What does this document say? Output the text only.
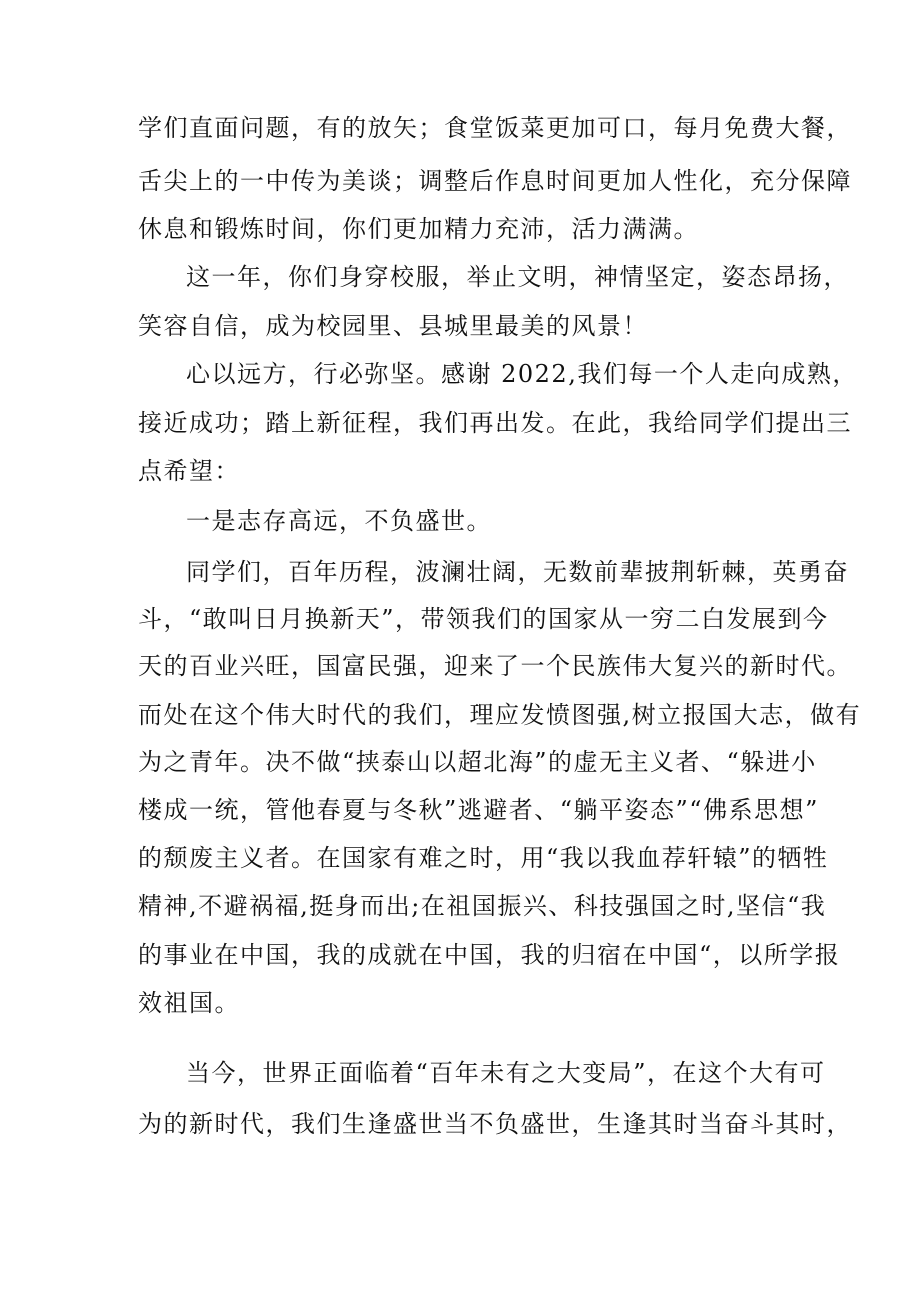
学们直面问题，有的放矢；食堂饭菜更加可口，每月免费大餐，
舌尖上的一中传为美谈；调整后作息时间更加人性化，充分保障
休息和锻炼时间，你们更加精力充沛，活力满满。
这一年，你们身穿校服，举止文明，神情坚定，姿态昂扬，
笑容自信，成为校园里、县城里最美的风景！
心以远方，行必弥坚。感谢 2022,我们每一个人走向成熟，
接近成功；踏上新征程，我们再出发。在此，我给同学们提出三
点希望：
一是志存高远，不负盛世。
同学们，百年历程，波澜壮阔，无数前辈披荆斩棘，英勇奋
斗，“敢叫日月换新天”，带领我们的国家从一穷二白发展到今
天的百业兴旺，国富民强，迎来了一个民族伟大复兴的新时代。
而处在这个伟大时代的我们，理应发愤图强,树立报国大志，做有
为之青年。决不做“挟泰山以超北海”的虚无主义者、“躲进小
楼成一统，管他春夏与冬秋”逃避者、“躺平姿态”“佛系思想”
的颓废主义者。在国家有难之时，用“我以我血荐轩辕”的牺牲
精神,不避祸福,挺身而出;在祖国振兴、科技强国之时,坚信“我
的事业在中国，我的成就在中国，我的归宿在中国“，以所学报
效祖国。
当今，世界正面临着“百年未有之大变局”，在这个大有可
为的新时代，我们生逢盛世当不负盛世，生逢其时当奋斗其时，
